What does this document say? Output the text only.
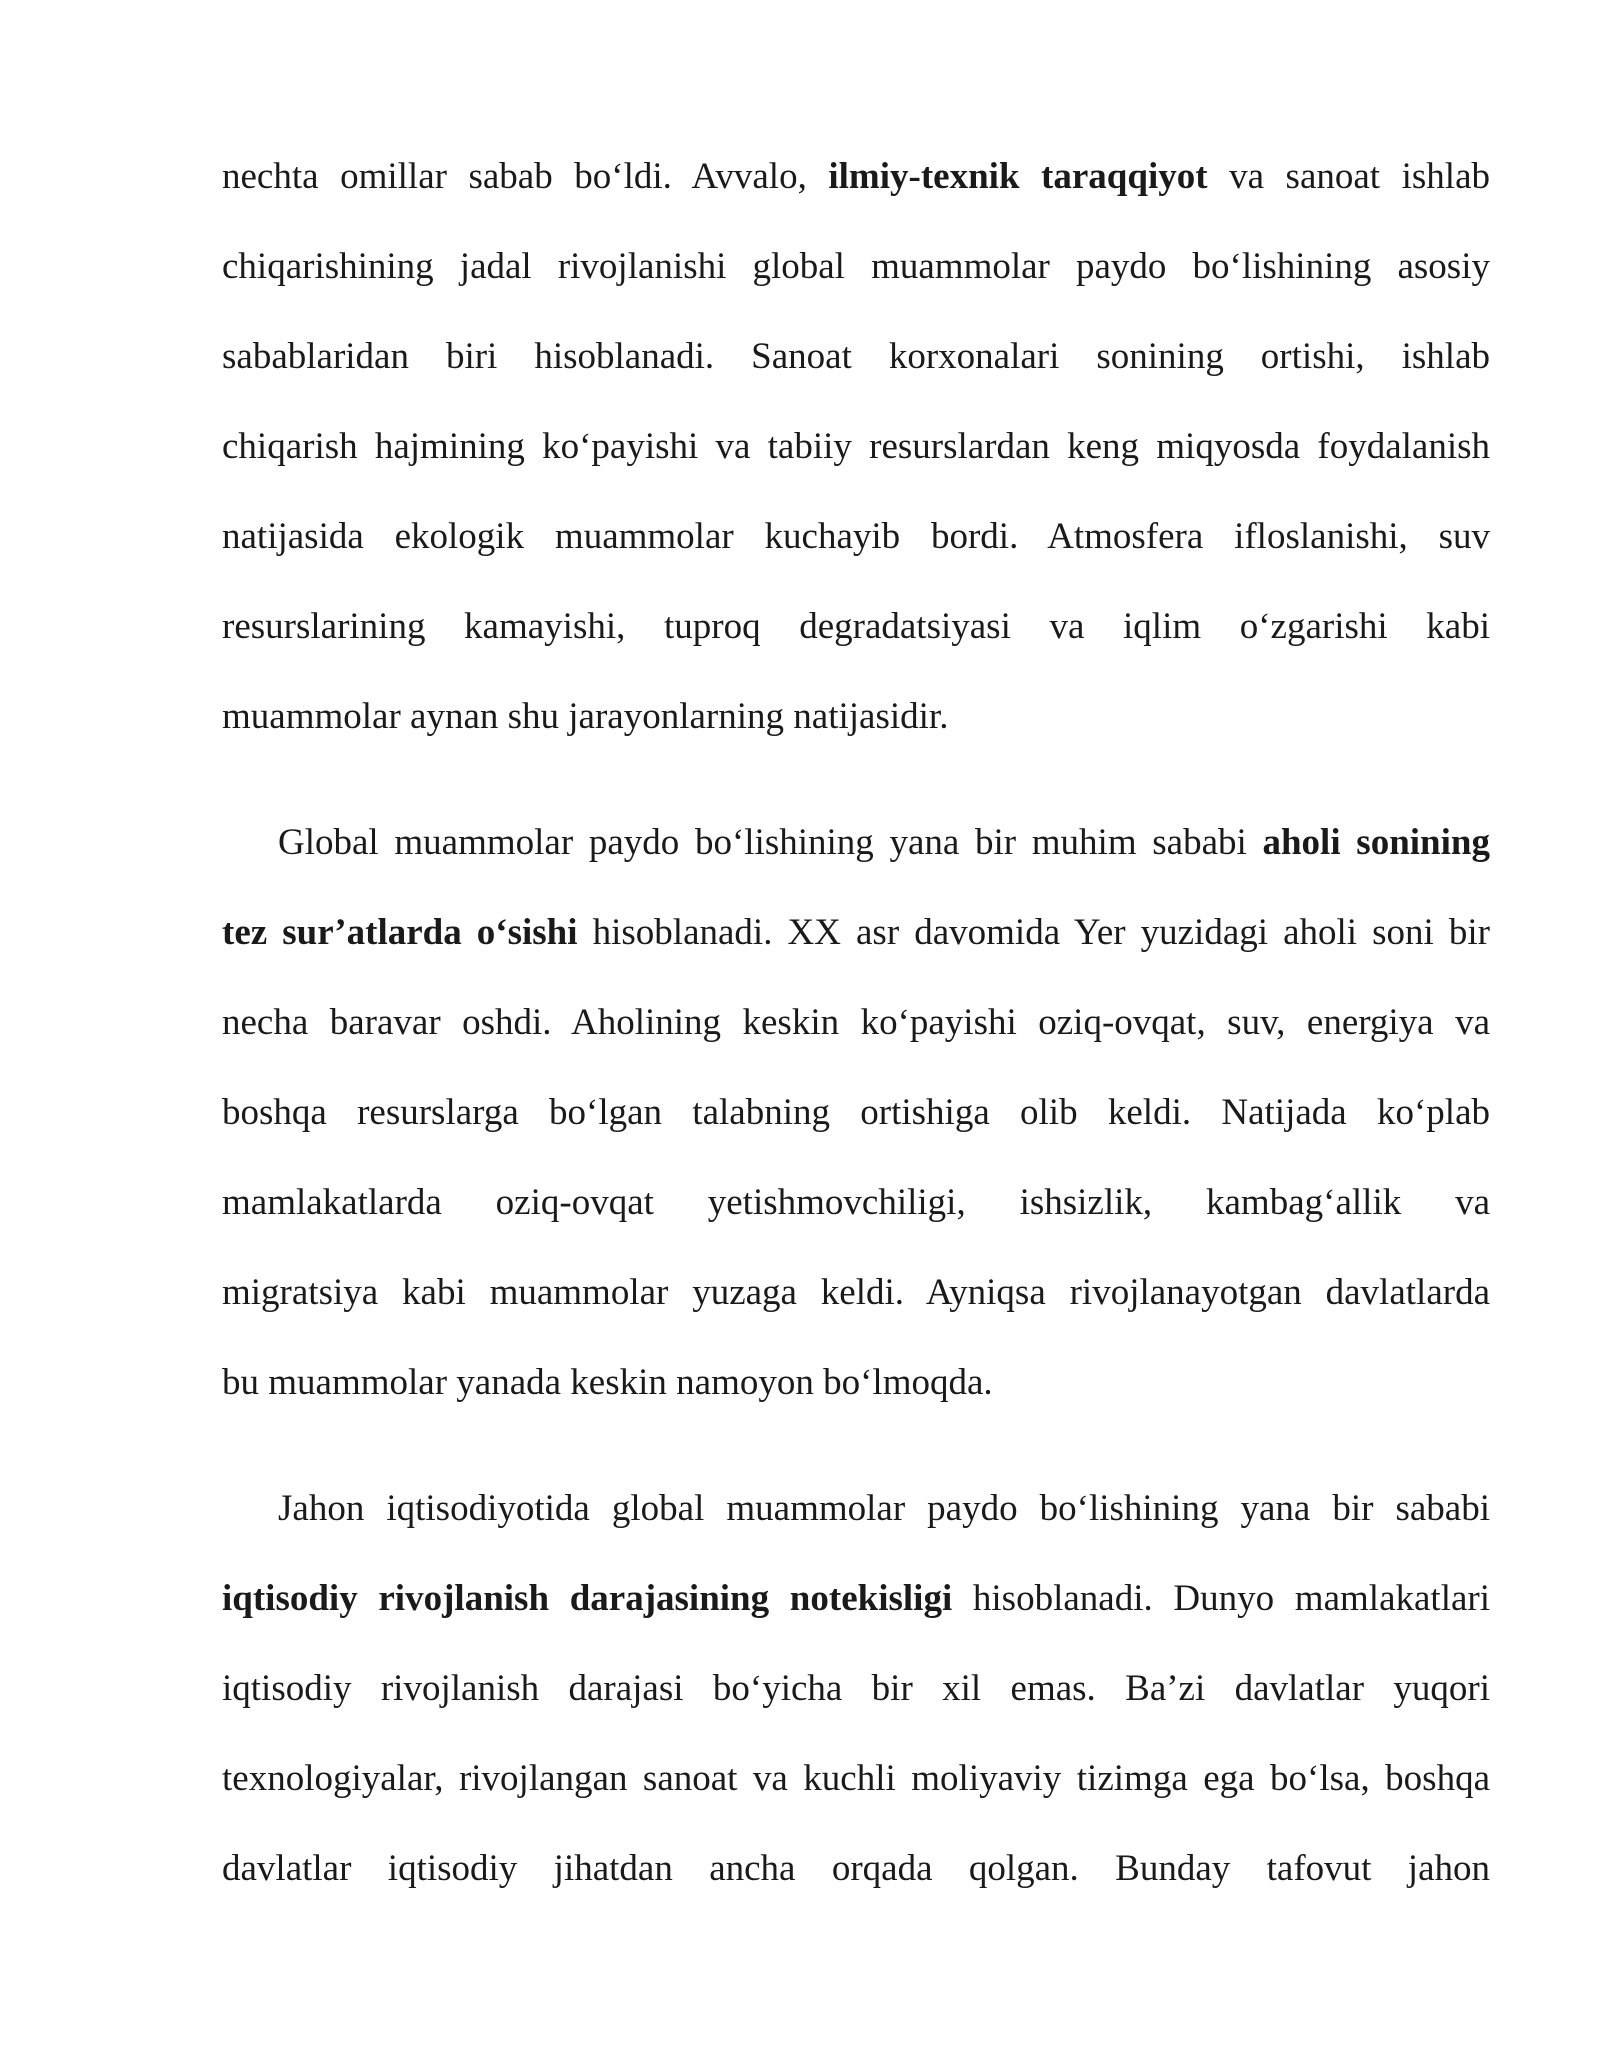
nechta omillar sabab bo‘ldi. Avvalo, ilmiy-texnik taraqqiyot va sanoat ishlab
chiqarishining jadal rivojlanishi global muammolar paydo bo‘lishining asosiy
sabablaridan biri hisoblanadi. Sanoat korxonalari sonining ortishi, ishlab
chiqarish hajmining ko‘payishi va tabiiy resurslardan keng miqyosda foydalanish
natijasida ekologik muammolar kuchayib bordi. Atmosfera ifloslanishi, suv
resurslarining kamayishi, tuproq degradatsiyasi va iqlim o‘zgarishi kabi
muammolar aynan shu jarayonlarning natijasidir.

Global muammolar paydo bo‘lishining yana bir muhim sababi aholi sonining
tez sur’atlarda o‘sishi hisoblanadi. XX asr davomida Yer yuzidagi aholi soni bir
necha baravar oshdi. Aholining keskin ko‘payishi oziq-ovqat, suv, energiya va
boshqa resurslarga bo‘lgan talabning ortishiga olib keldi. Natijada ko‘plab
mamlakatlarda oziq-ovqat yetishmovchiligi, ishsizlik, kambag‘allik va
migratsiya kabi muammolar yuzaga keldi. Ayniqsa rivojlanayotgan davlatlarda
bu muammolar yanada keskin namoyon bo‘lmoqda.

Jahon iqtisodiyotida global muammolar paydo bo‘lishining yana bir sababi
iqtisodiy rivojlanish darajasining notekisligi hisoblanadi. Dunyo mamlakatlari
iqtisodiy rivojlanish darajasi bo‘yicha bir xil emas. Ba’zi davlatlar yuqori
texnologiyalar, rivojlangan sanoat va kuchli moliyaviy tizimga ega bo‘lsa, boshqa
davlatlar iqtisodiy jihatdan ancha orqada qolgan. Bunday tafovut jahon
